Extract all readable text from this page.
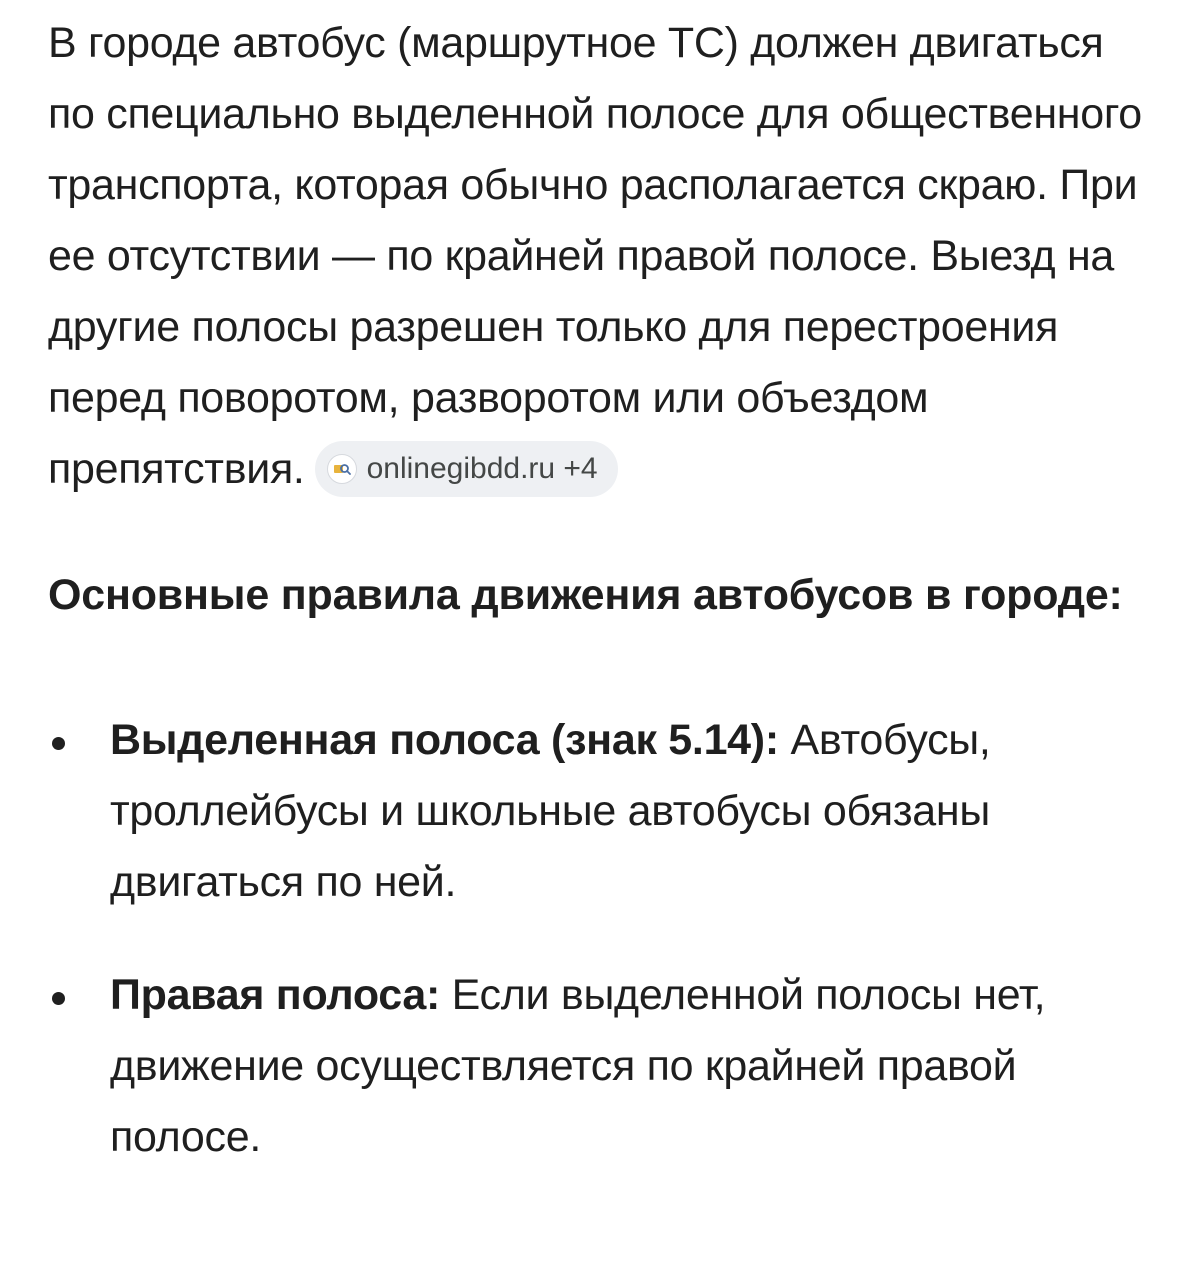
В городе автобус (маршрутное ТС) должен двигаться по специально выделенной полосе для общественного транспорта, которая обычно располагается скраю. При ее отсутствии — по крайней правой полосе. Выезд на другие полосы разрешен только для перестроения перед поворотом, разворотом или объездом препятствия. onlinegibdd.ru +4

Основные правила движения автобусов в городе:
Выделенная полоса (знак 5.14): Автобусы, троллейбусы и школьные автобусы обязаны двигаться по ней.
Правая полоса: Если выделенной полосы нет, движение осуществляется по крайней правой полосе.
